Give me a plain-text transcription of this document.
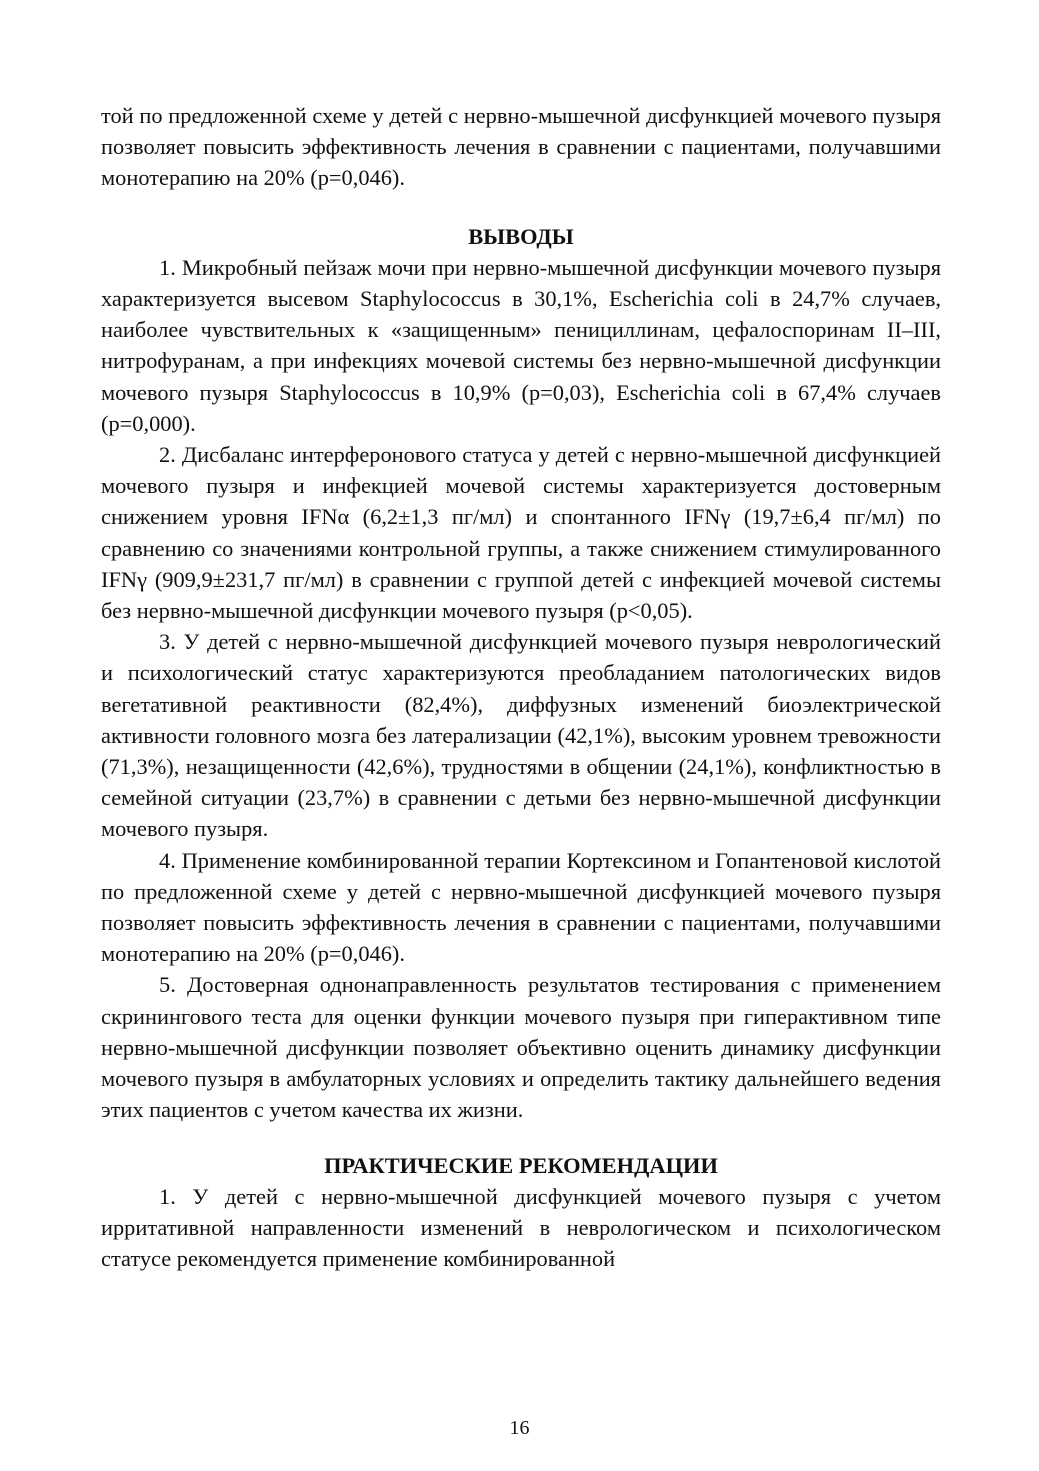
той по предложенной схеме у детей с нервно-мышечной дисфункцией мочевого пузыря позволяет повысить эффективность лечения в сравнении с пациентами, получавшими монотерапию на 20% (p=0,046).

ВЫВОДЫ

1. Микробный пейзаж мочи при нервно-мышечной дисфункции мочевого пузыря характеризуется высевом Staphylococcus в 30,1%, Escherichia coli в 24,7% случаев, наиболее чувствительных к «защищенным» пенициллинам, цефалоспоринам II–III, нитрофуранам, а при инфекциях мочевой системы без нервно-мышечной дисфункции мочевого пузыря Staphylococcus в 10,9% (p=0,03), Escherichia coli в 67,4% случаев (p=0,000).

2. Дисбаланс интерферонового статуса у детей с нервно-мышечной дисфункцией мочевого пузыря и инфекцией мочевой системы характеризуется достоверным снижением уровня IFNα (6,2±1,3 пг/мл) и спонтанного IFNγ (19,7±6,4 пг/мл) по сравнению со значениями контрольной группы, а также снижением стимулированного IFNγ (909,9±231,7 пг/мл) в сравнении с группой детей с инфекцией мочевой системы без нервно-мышечной дисфункции мочевого пузыря (p<0,05).

3. У детей с нервно-мышечной дисфункцией мочевого пузыря неврологический и психологический статус характеризуются преобладанием патологических видов вегетативной реактивности (82,4%), диффузных изменений биоэлектрической активности головного мозга без латерализации (42,1%), высоким уровнем тревожности (71,3%), незащищенности (42,6%), трудностями в общении (24,1%), конфликтностью в семейной ситуации (23,7%) в сравнении с детьми без нервно-мышечной дисфункции мочевого пузыря.

4. Применение комбинированной терапии Кортексином и Гопантеновой кислотой по предложенной схеме у детей с нервно-мышечной дисфункцией мочевого пузыря позволяет повысить эффективность лечения в сравнении с пациентами, получавшими монотерапию на 20% (p=0,046).

5. Достоверная однонаправленность результатов тестирования с применением скринингового теста для оценки функции мочевого пузыря при гиперактивном типе нервно-мышечной дисфункции позволяет объективно оценить динамику дисфункции мочевого пузыря в амбулаторных условиях и определить тактику дальнейшего ведения этих пациентов с учетом качества их жизни.

ПРАКТИЧЕСКИЕ РЕКОМЕНДАЦИИ

1. У детей с нервно-мышечной дисфункцией мочевого пузыря с учетом ирритативной направленности изменений в неврологическом и психологическом статусе рекомендуется применение комбинированной

16
